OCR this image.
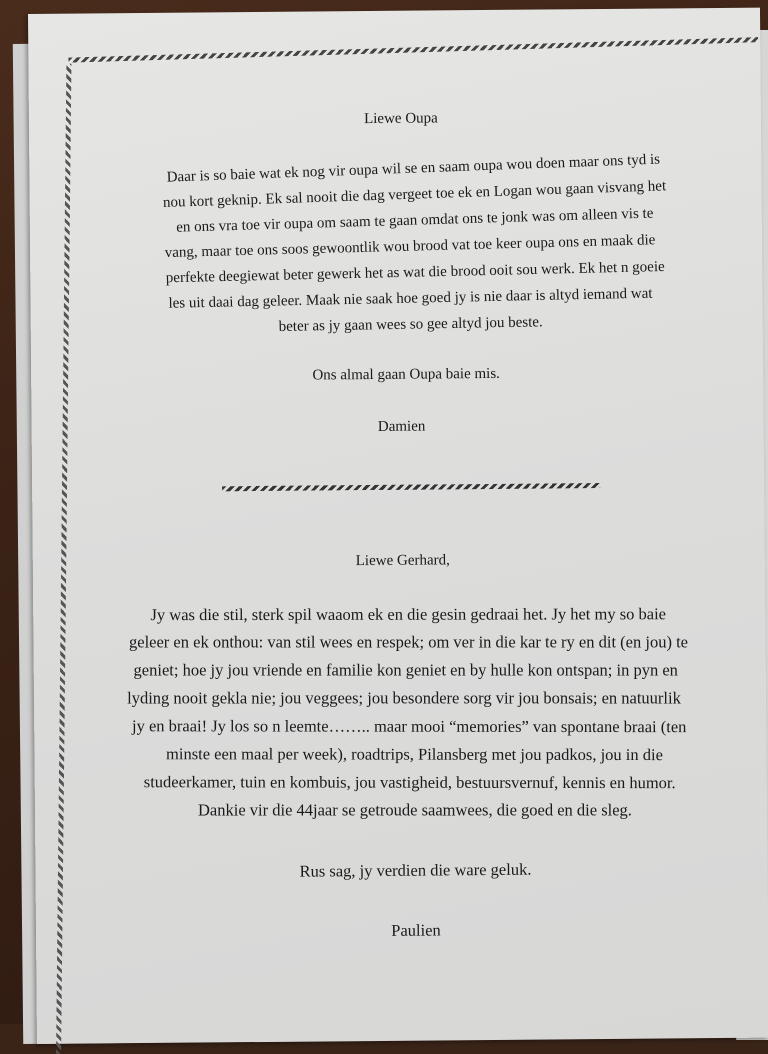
Liewe Oupa
Daar is so baie wat ek nog vir oupa wil se en saam oupa wou doen maar ons tyd is
nou kort geknip. Ek sal nooit die dag vergeet toe ek en Logan wou gaan visvang het
en ons vra toe vir oupa om saam te gaan omdat ons te jonk was om alleen vis te
vang, maar toe ons soos gewoontlik wou brood vat toe keer oupa ons en maak die
perfekte deegiewat beter gewerk het as wat die brood ooit sou werk. Ek het n goeie
les uit daai dag geleer. Maak nie saak hoe goed jy is nie daar is altyd iemand wat
beter as jy gaan wees so gee altyd jou beste.
Ons almal gaan Oupa baie mis.
Damien
Liewe Gerhard,
Jy was die stil, sterk spil waaom ek en die gesin gedraai het. Jy het my so baie
geleer en ek onthou: van stil wees en respek; om ver in die kar te ry en dit (en jou) te
geniet; hoe jy jou vriende en familie kon geniet en by hulle kon ontspan; in pyn en
lyding nooit gekla nie; jou veggees; jou besondere sorg vir jou bonsais; en natuurlik
jy en braai! Jy los so n leemte…….. maar mooi “memories” van spontane braai (ten
minste een maal per week), roadtrips, Pilansberg met jou padkos, jou in die
studeerkamer, tuin en kombuis, jou vastigheid, bestuursvernuf, kennis en humor.
Dankie vir die 44jaar se getroude saamwees, die goed en die sleg.
Rus sag, jy verdien die ware geluk.
Paulien
